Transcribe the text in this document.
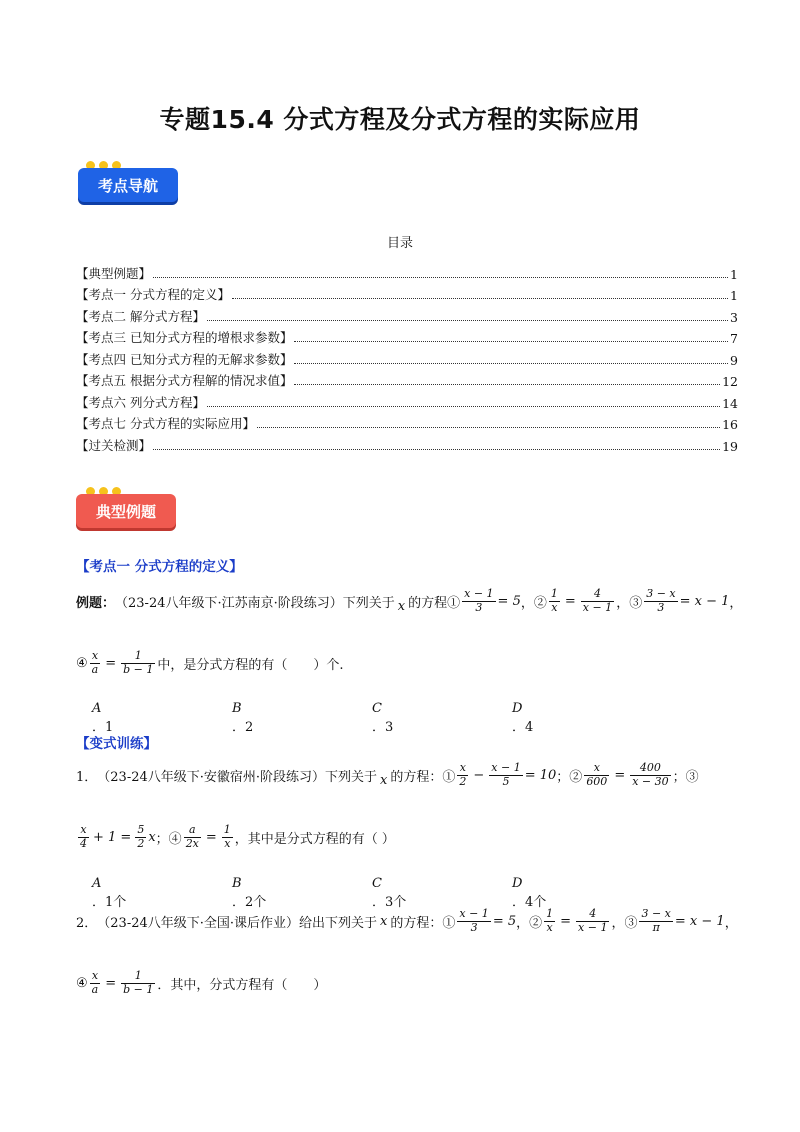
专题15.4 分式方程及分式方程的实际应用
考点导航
目录
【典型例题】	1
【考点一 分式方程的定义】	1
【考点二 解分式方程】	3
【考点三 已知分式方程的增根求参数】	7
【考点四 已知分式方程的无解求参数】	9
【考点五 根据分式方程解的情况求值】	12
【考点六 列分式方程】	14
【考点七 分式方程的实际应用】	16
【过关检测】	19
典型例题
【考点一 分式方程的定义】
例题： （23-24八年级下·江苏南京·阶段练习）下列关于 x 的方程① $\frac{x - 1}{3} = 5$ ，② $\frac{1}{x} = \frac{4}{x - 1}$ ，③ $\frac{3 - x}{3} = x - 1$ ，
④ $\frac{x}{a} = \frac{1}{b - 1}$ 中，是分式方程的有（　　）个.
A．1
B．2
C．3
D．4
【变式训练】
1． （23-24八年级下·安徽宿州·阶段练习）下列关于 x 的方程：① $\frac{x}{2} - \frac{x - 1}{5} = 10$ ；② $\frac{x}{600} = \frac{400}{x - 30}$ ；③
$\frac{x}{4} + 1 = \frac{5}{2}$ x ；④ $\frac{a}{2x} = \frac{1}{x}$ ，其中是分式方程的有（ ）
A．1个
B．2个
C．3个
D．4个
2． （23-24八年级下·全国·课后作业）给出下列关于 x 的方程：① $\frac{x - 1}{3} = 5$ ，② $\frac{1}{x} = \frac{4}{x - 1}$ ，③ $\frac{3 - x}{\pi} = x - 1$ ，
④ $\frac{x}{a} = \frac{1}{b - 1}$ ．其中，分式方程有（　　）
